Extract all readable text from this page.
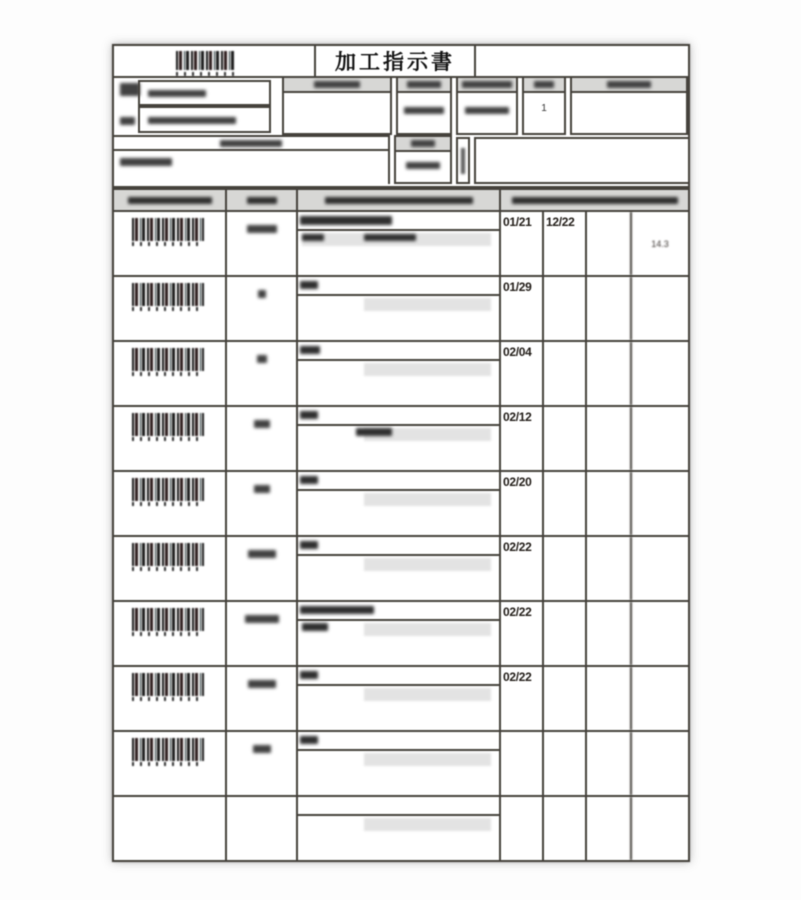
加工指示書
1
01/21	12/22
14.3
01/29
02/04
02/12
02/20
02/22
02/22
02/22
